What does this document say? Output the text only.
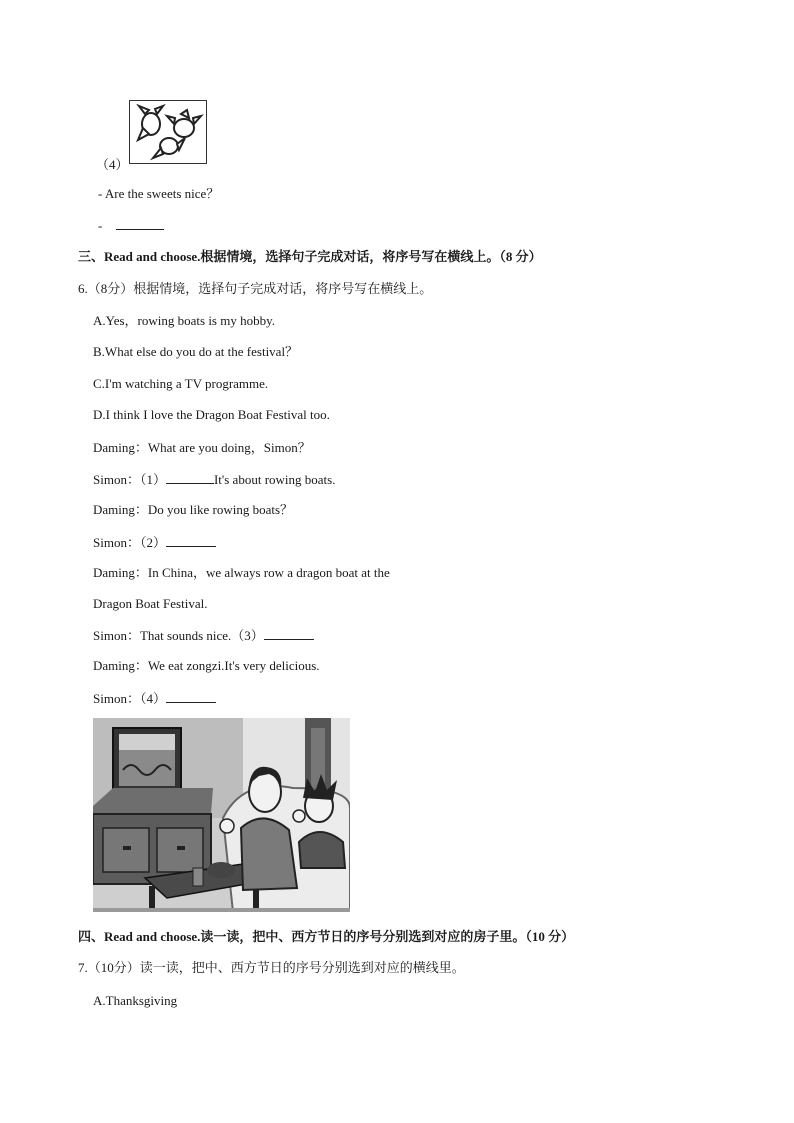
（4）
- Are the sweets nice？
-
三、Read and choose.根据情境，选择句子完成对话，将序号写在横线上。（8 分）
6.（8分）根据情境，选择句子完成对话，将序号写在横线上。
A.Yes，rowing boats is my hobby.
B.What else do you do at the festival？
C.I'm watching a TV programme.
D.I think I love the Dragon Boat Festival too.
Daming：What are you doing，Simon？
Simon：（1）	It's about rowing boats.
Daming：Do you like rowing boats？
Simon：（2）
Daming：In China，we always row a dragon boat at the
Dragon Boat Festival.
Simon：That sounds nice.（3）
Daming：We eat zongzi.It's very delicious.
Simon：（4）
四、Read and choose.读一读，把中、西方节日的序号分别选到对应的房子里。（10 分）
7.（10分）读一读，把中、西方节日的序号分别选到对应的横线里。
A.Thanksgiving
